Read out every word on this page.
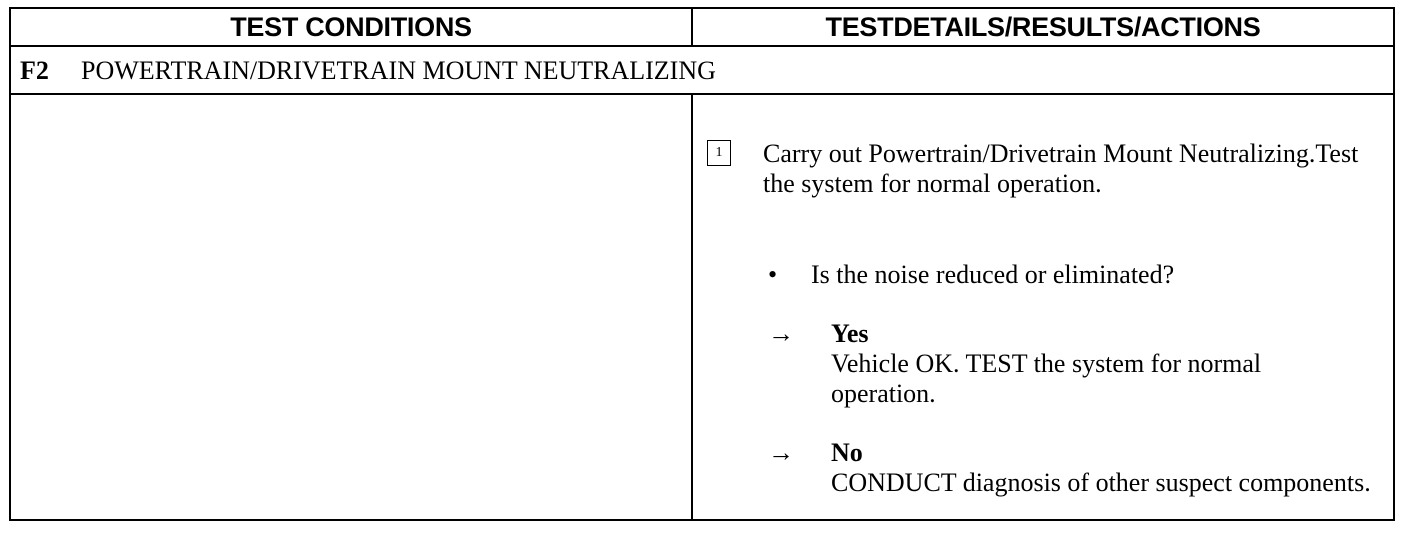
TEST CONDITIONS	TESTDETAILS/RESULTS/ACTIONS
F2 POWERTRAIN/DRIVETRAIN MOUNT NEUTRALIZING
1	Carry out Powertrain/Drivetrain Mount Neutralizing.Test the system for normal operation.
• Is the noise reduced or eliminated?
→ Yes
Vehicle OK. TEST the system for normal operation.
→ No
CONDUCT diagnosis of other suspect components.
